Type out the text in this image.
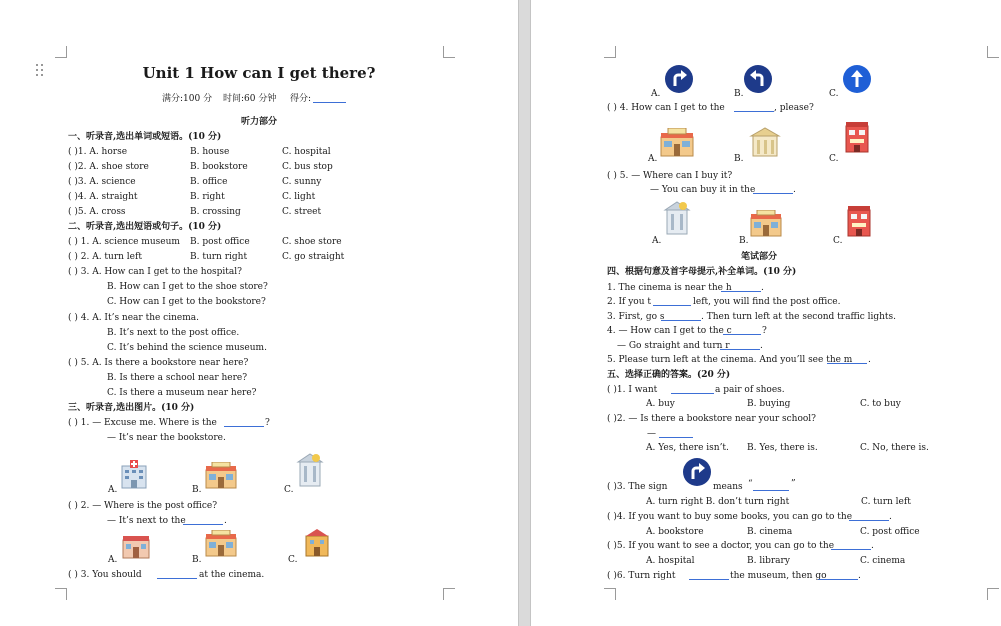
Unit 1 How can I get there?
满分:100 分 时间:60 分钟 得分:
听力部分
一、听录音,选出单词或短语。(10 分)
( )1. A. horse	B. house	C. hospital
( )2. A. shoe store	B. bookstore	C. bus stop
( )3. A. science	B. office	C. sunny
( )4. A. straight	B. right	C. light
( )5. A. cross	B. crossing	C. street
二、听录音,选出短语或句子。(10 分)
( ) 1. A. science museum B. post office	C. shoe store
( ) 2. A. turn left	B. turn right	C. go straight
( ) 3. A. How can I get to the hospital?
B. How can I get to the shoe store?
C. How can I get to the bookstore?
( ) 4. A. It’s near the cinema.
B. It’s next to the post office.
C. It’s behind the science museum.
( ) 5. A. Is there a bookstore near here?
B. Is there a school near here?
C. Is there a museum near here?
三、听录音,选出图片。(10 分)
( ) 1. — Excuse me. Where is the	?
— It’s near the bookstore.
A.	B.	C.
( ) 2. — Where is the post office?
— It’s next to the	.
A.	B.	C.
( ) 3. You should	at the cinema.
A.	B.	C.
( ) 4. How can I get to the	, please?
A.	B.	C.
( ) 5. — Where can I buy it?
— You can buy it in the	.
A.	B.	C.
笔试部分
四、根据句意及首字母提示,补全单词。(10 分)
1. The cinema is near the h	.
2. If you t	left, you will find the post office.
3. First, go s	. Then turn left at the second traffic lights.
4. — How can I get to the c	?
— Go straight and turn r	.
5. Please turn left at the cinema. And you’ll see the m .
五、选择正确的答案。(20 分)
( )1. I want	a pair of shoes.
A. buy	B. buying	C. to buy
( )2. — Is there a bookstore near your school?
—
A. Yes, there isn’t. B. Yes, there is.	C. No, there is.
( )3. The sign	means “	”
A. turn right B. don’t turn right	C. turn left
( )4. If you want to buy some books, you can go to the	.
A. bookstore	B. cinema	C. post office
( )5. If you want to see a doctor, you can go to the	.
A. hospital	B. library	C. cinema
( )6. Turn right	the museum, then go	.
